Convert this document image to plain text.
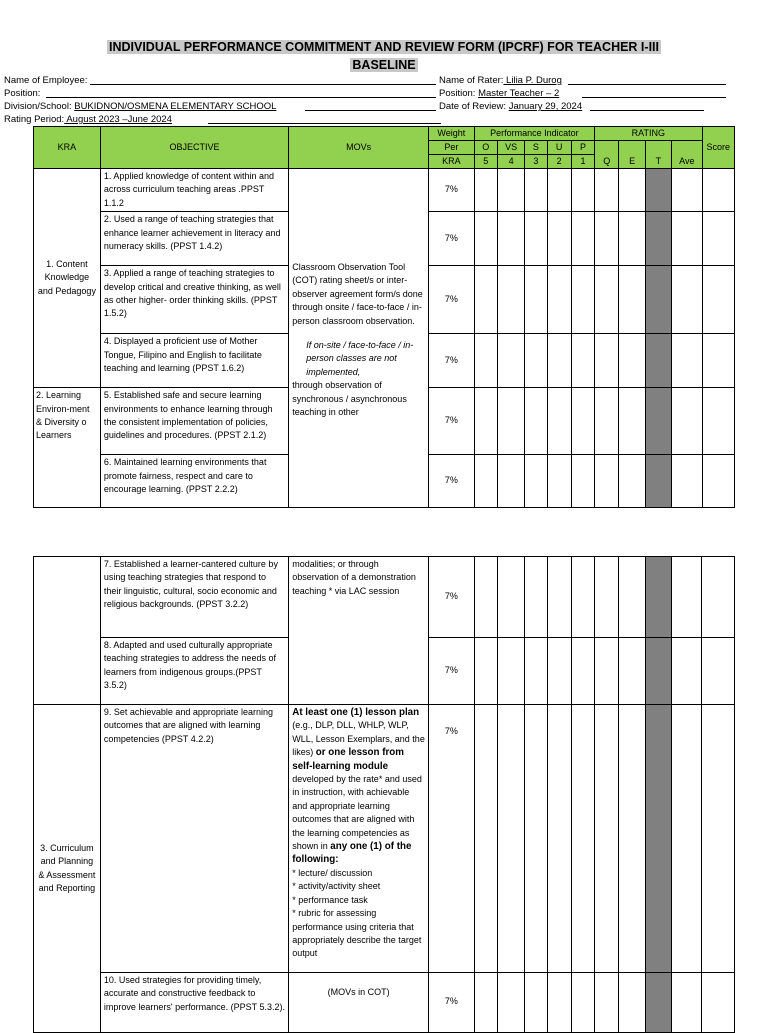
INDIVIDUAL PERFORMANCE COMMITMENT AND REVIEW FORM (IPCRF) FOR TEACHER I-III
BASELINE
Name of Employee:
Position:
Division/School: BUKIDNON/OSMENA ELEMENTARY SCHOOL
Rating Period: August 2023 –June 2024
Name of Rater: Lilia P. Durog
Position: Master Teacher – 2
Date of Review: January 29, 2024
KRA	OBJECTIVE	MOVs	Weight	Performance Indicator					RATING				Score
			Per	O	VS	S	U	P	Q	E	T	Ave	
			KRA	5	4	3	2	1					
1. Content Knowledge and Pedagogy	1. Applied knowledge of content within and across curriculum teaching areas .PPST 1.1.2	Classroom Observation Tool (COT) rating sheet/s or inter-observer agreement form/s done through onsite / face-to-face / in-person classroom observation.
If on-site / face-to-face / in-person classes are not implemented,
through observation of synchronous / asynchronous teaching in other	7%										
	2. Used a range of teaching strategies that enhance learner achievement in literacy and numeracy skills. (PPST 1.4.2)		7%										
	3. Applied a range of teaching strategies to develop critical and creative thinking, as well as other higher- order thinking skills. (PPST 1.5.2)		7%										
	4. Displayed a proficient use of Mother Tongue, Filipino and English to facilitate teaching and learning (PPST 1.6.2)		7%										
2. Learning Environ-ment & Diversity o Learners	5. Established safe and secure learning environments to enhance learning through the consistent implementation of policies, guidelines and procedures. (PPST 2.1.2)		7%										
	6. Maintained learning environments that promote fairness, respect and care to encourage learning. (PPST 2.2.2)		7%										
	7. Established a learner-cantered culture by using teaching strategies that respond to their linguistic, cultural, socio economic and religious backgrounds. (PPST 3.2.2)	modalities; or through observation of a demonstration teaching * via LAC session	7%										
	8. Adapted and used culturally appropriate teaching strategies to address the needs of learners from indigenous groups.(PPST 3.5.2)		7%										
3. Curriculum and Planning & Assessment and Reporting	9. Set achievable and appropriate learning outcomes that are aligned with learning competencies (PPST 4.2.2)	At least one (1) lesson plan (e.g., DLP, DLL, WHLP, WLP, WLL, Lesson Exemplars, and the likes) or one lesson from self-learning module developed by the rate* and used in instruction, with achievable and appropriate learning outcomes that are aligned with the learning competencies as shown in any one (1) of the following:
* lecture/ discussion
* activity/activity sheet
* performance task
* rubric for assessing performance using criteria that appropriately describe the target output	7%										
	10. Used strategies for providing timely, accurate and constructive feedback to improve learners' performance. (PPST 5.3.2).	(MOVs in COT)	7%										
